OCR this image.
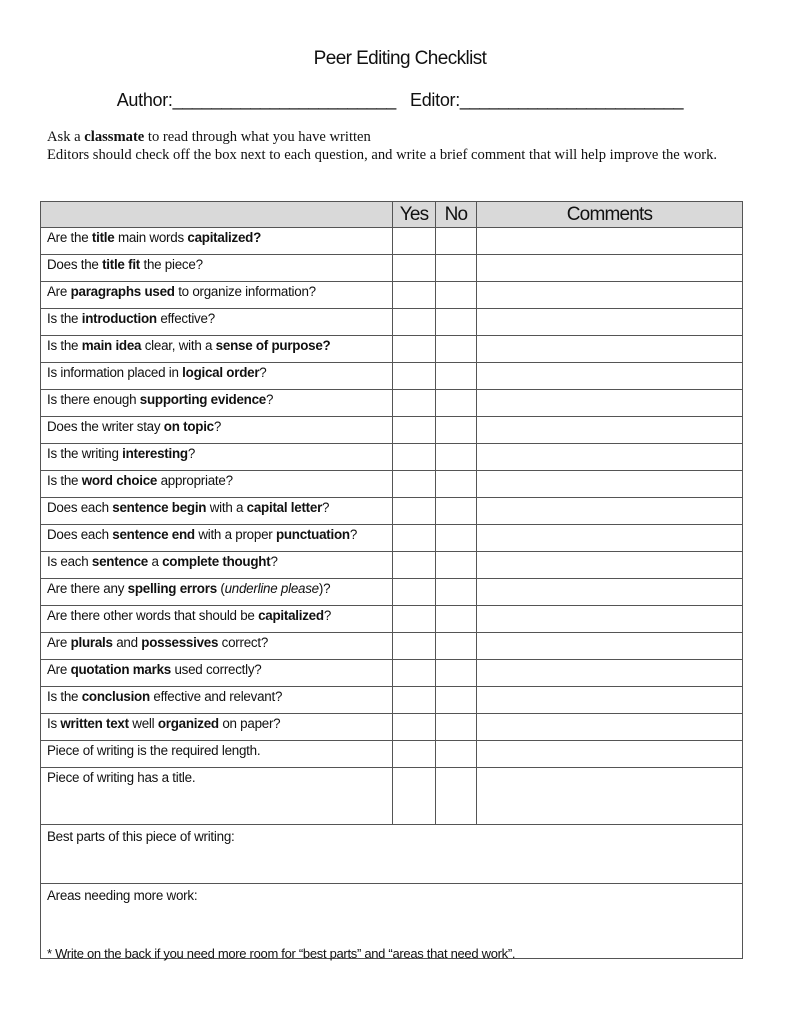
Peer Editing Checklist
Author:_______________________ Editor:_______________________
Ask a classmate to read through what you have written
Editors should check off the box next to each question, and write a brief comment that will help improve the work.
	Yes	No	Comments
Are the title main words capitalized?			
Does the title fit the piece?			
Are paragraphs used to organize information?			
Is the introduction effective?			
Is the main idea clear, with a sense of purpose?			
Is information placed in logical order?			
Is there enough supporting evidence?			
Does the writer stay on topic?			
Is the writing interesting?			
Is the word choice appropriate?			
Does each sentence begin with a capital letter?			
Does each sentence end with a proper punctuation?			
Is each sentence a complete thought?			
Are there any spelling errors (underline please)?			
Are there other words that should be capitalized?			
Are plurals and possessives correct?			
Are quotation marks used correctly?			
Is the conclusion effective and relevant?			
Is written text well organized on paper?			
Piece of writing is the required length.			
Piece of writing has a title.			
Best parts of this piece of writing:			
Areas needing more work:			
* Write on the back if you need more room for “best parts” and “areas that need work”.
